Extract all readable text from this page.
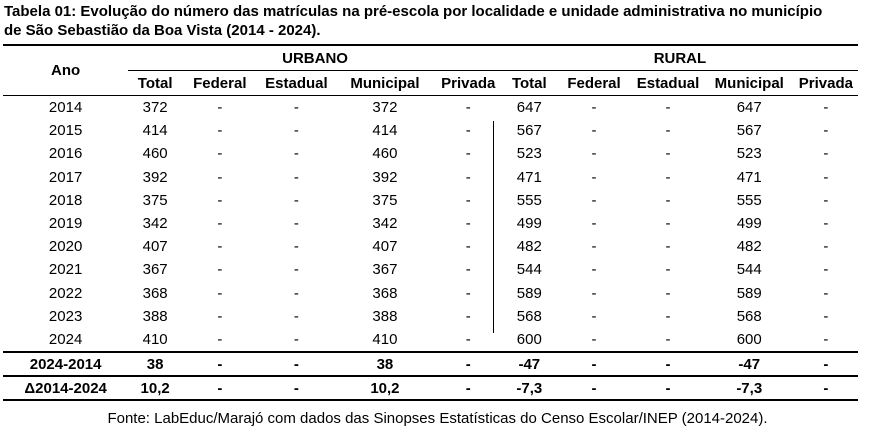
Tabela 01: Evolução do número das matrículas na pré-escola por localidade e unidade administrativa no município
de São Sebastião da Boa Vista (2014 - 2024).
Ano	URBANO					RURAL				
	Total	Federal	Estadual	Municipal	Privada	Total	Federal	Estadual	Municipal	Privada
2014	372	-	-	372	-	647	-	-	647	-
2015	414	-	-	414	-	567	-	-	567	-
2016	460	-	-	460	-	523	-	-	523	-
2017	392	-	-	392	-	471	-	-	471	-
2018	375	-	-	375	-	555	-	-	555	-
2019	342	-	-	342	-	499	-	-	499	-
2020	407	-	-	407	-	482	-	-	482	-
2021	367	-	-	367	-	544	-	-	544	-
2022	368	-	-	368	-	589	-	-	589	-
2023	388	-	-	388	-	568	-	-	568	-
2024	410	-	-	410	-	600	-	-	600	-
2024-2014	38	-	-	38	-	-47	-	-	-47	-
Δ2014-2024	10,2	-	-	10,2	-	-7,3	-	-	-7,3	-
Fonte: LabEduc/Marajó com dados das Sinopses Estatísticas do Censo Escolar/INEP (2014-2024).
